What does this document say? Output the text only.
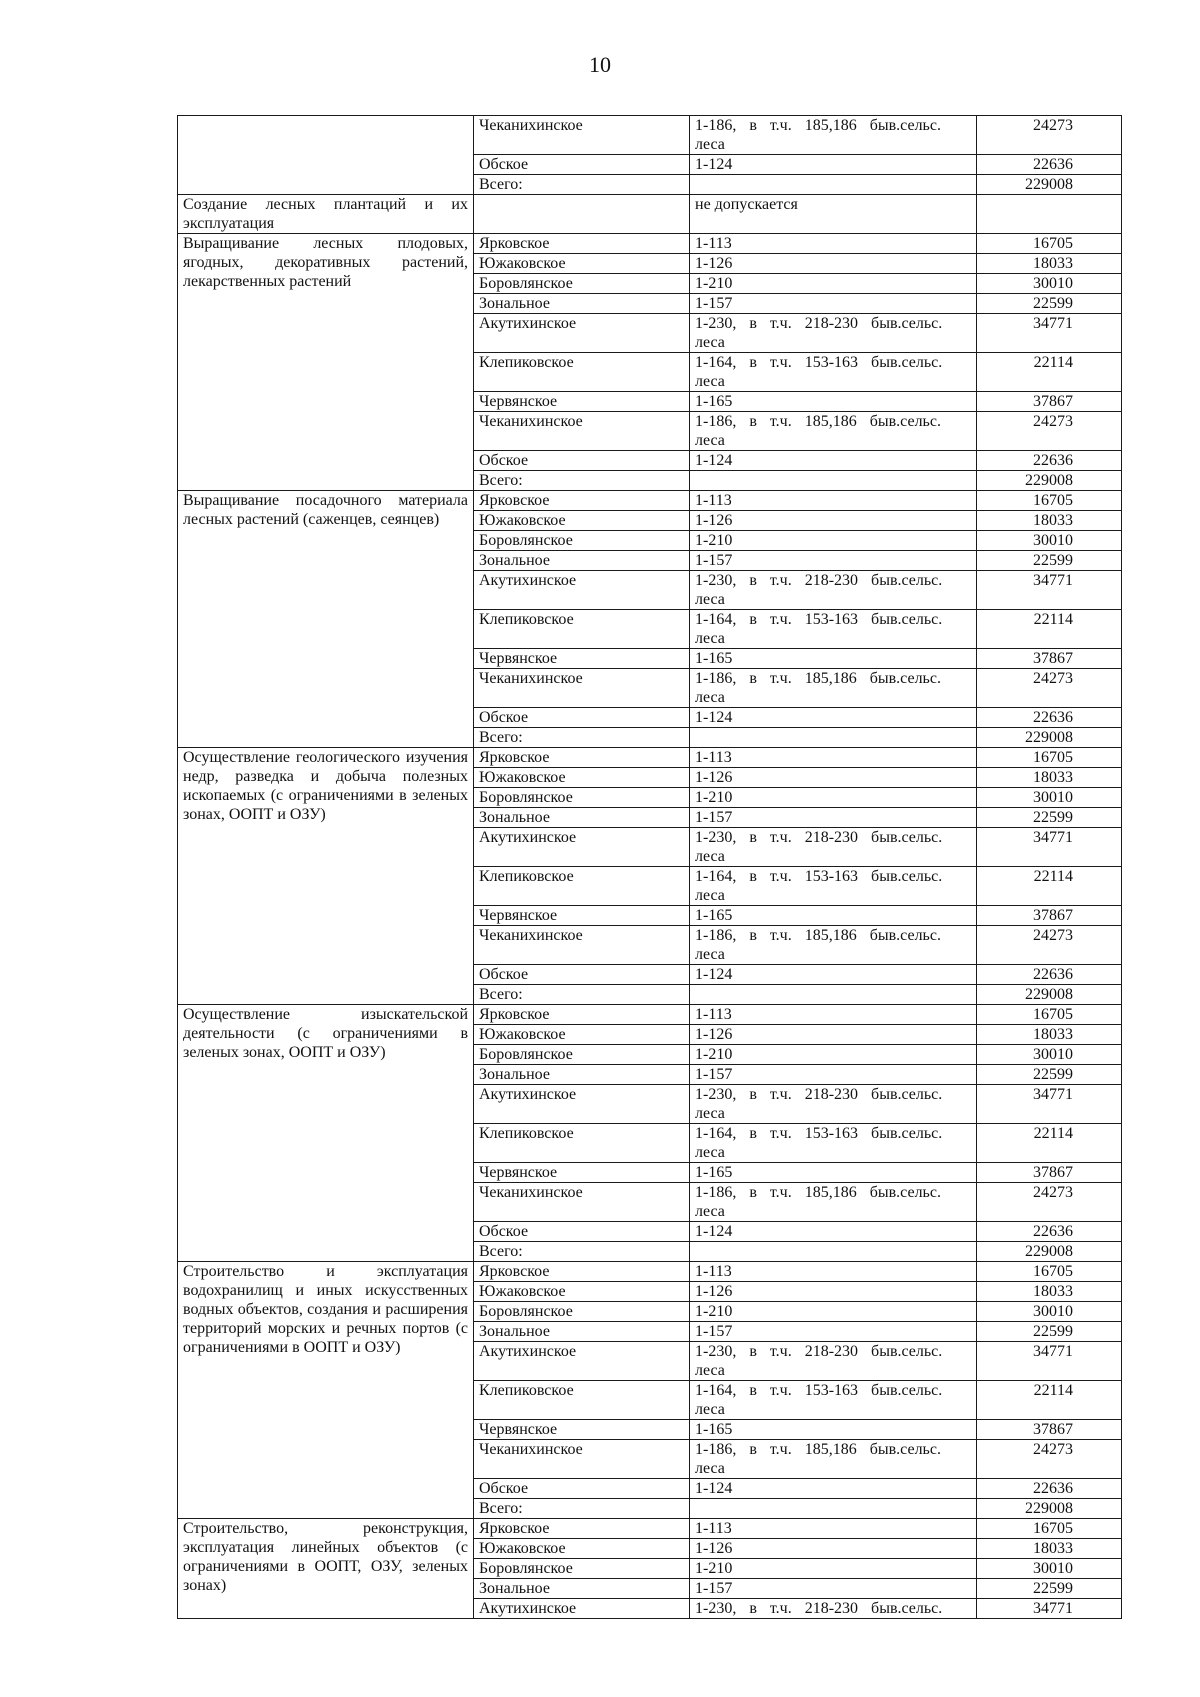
10
	Чеканихинское	1-186, в т.ч. 185,186 быв.сельс. леса	24273
	Обское	1-124	22636
	Всего:		229008
Создание лесных плантаций и их эксплуатация		не допускается	
Выращивание лесных плодовых, ягодных, декоративных растений, лекарственных растений	Ярковское	1-113	16705
	Южаковское	1-126	18033
	Боровлянское	1-210	30010
	Зональное	1-157	22599
	Акутихинское	1-230, в т.ч. 218-230 быв.сельс. леса	34771
	Клепиковское	1-164, в т.ч. 153-163 быв.сельс. леса	22114
	Червянское	1-165	37867
	Чеканихинское	1-186, в т.ч. 185,186 быв.сельс. леса	24273
	Обское	1-124	22636
	Всего:		229008
Выращивание посадочного материала лесных растений (саженцев, сеянцев)	Ярковское	1-113	16705
	Южаковское	1-126	18033
	Боровлянское	1-210	30010
	Зональное	1-157	22599
	Акутихинское	1-230, в т.ч. 218-230 быв.сельс. леса	34771
	Клепиковское	1-164, в т.ч. 153-163 быв.сельс. леса	22114
	Червянское	1-165	37867
	Чеканихинское	1-186, в т.ч. 185,186 быв.сельс. леса	24273
	Обское	1-124	22636
	Всего:		229008
Осуществление геологического изучения недр, разведка и добыча полезных ископаемых (с ограничениями в зеленых зонах, ООПТ и ОЗУ)	Ярковское	1-113	16705
	Южаковское	1-126	18033
	Боровлянское	1-210	30010
	Зональное	1-157	22599
	Акутихинское	1-230, в т.ч. 218-230 быв.сельс. леса	34771
	Клепиковское	1-164, в т.ч. 153-163 быв.сельс. леса	22114
	Червянское	1-165	37867
	Чеканихинское	1-186, в т.ч. 185,186 быв.сельс. леса	24273
	Обское	1-124	22636
	Всего:		229008
Осуществление изыскательской деятельности (с ограничениями в зеленых зонах, ООПТ и ОЗУ)	Ярковское	1-113	16705
	Южаковское	1-126	18033
	Боровлянское	1-210	30010
	Зональное	1-157	22599
	Акутихинское	1-230, в т.ч. 218-230 быв.сельс. леса	34771
	Клепиковское	1-164, в т.ч. 153-163 быв.сельс. леса	22114
	Червянское	1-165	37867
	Чеканихинское	1-186, в т.ч. 185,186 быв.сельс. леса	24273
	Обское	1-124	22636
	Всего:		229008
Строительство и эксплуатация водохранилищ и иных искусственных водных объектов, создания и расширения территорий морских и речных портов (с ограничениями в ООПТ и ОЗУ)	Ярковское	1-113	16705
	Южаковское	1-126	18033
	Боровлянское	1-210	30010
	Зональное	1-157	22599
	Акутихинское	1-230, в т.ч. 218-230 быв.сельс. леса	34771
	Клепиковское	1-164, в т.ч. 153-163 быв.сельс. леса	22114
	Червянское	1-165	37867
	Чеканихинское	1-186, в т.ч. 185,186 быв.сельс. леса	24273
	Обское	1-124	22636
	Всего:		229008
Строительство, реконструкция, эксплуатация линейных объектов (с ограничениями в ООПТ, ОЗУ, зеленых зонах)	Ярковское	1-113	16705
	Южаковское	1-126	18033
	Боровлянское	1-210	30010
	Зональное	1-157	22599
	Акутихинское	1-230, в т.ч. 218-230 быв.сельс.	34771
